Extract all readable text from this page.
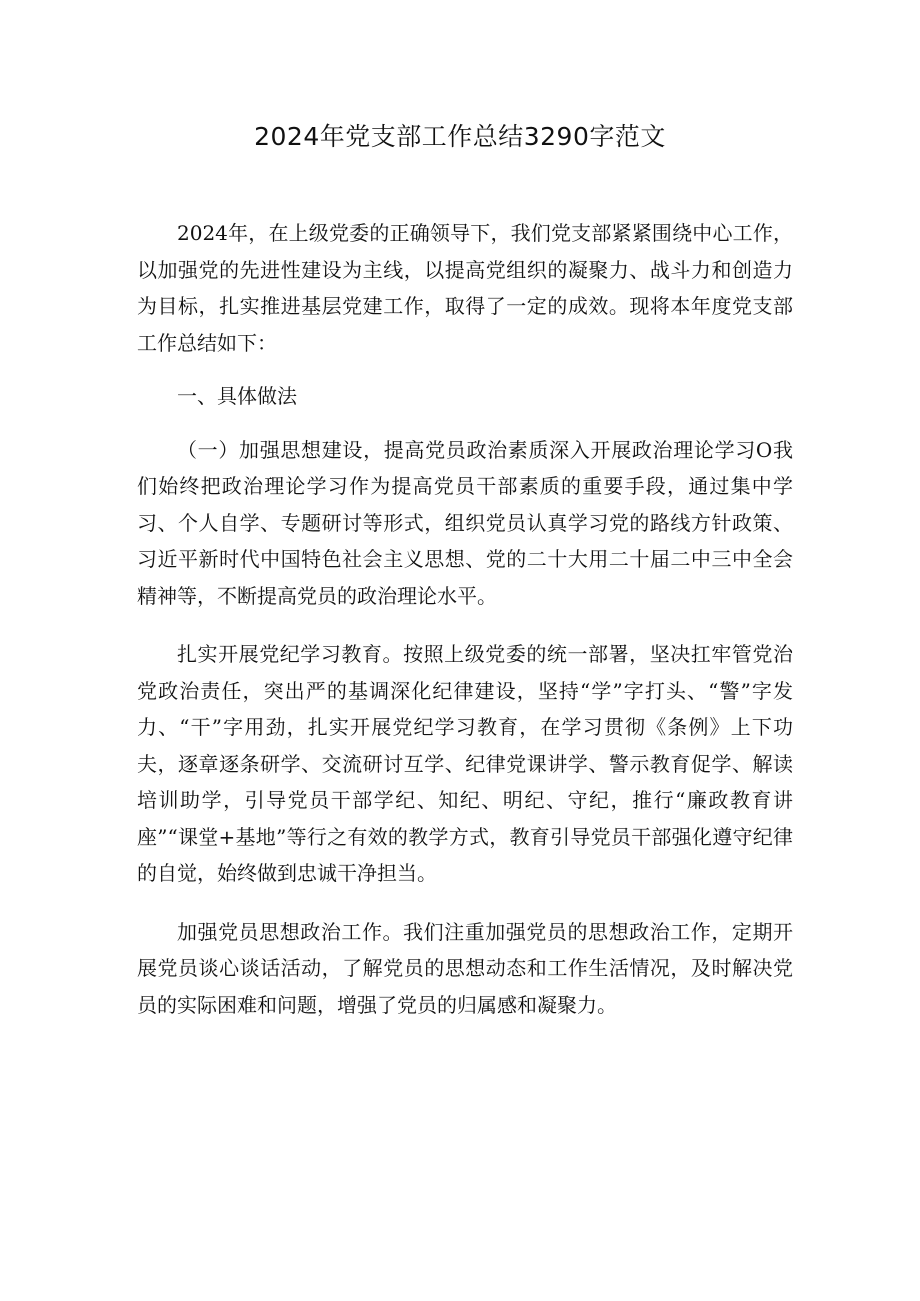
2024年党支部工作总结3290字范文

2024年，在上级党委的正确领导下，我们党支部紧紧围绕中心工作，以加强党的先进性建设为主线，以提高党组织的凝聚力、战斗力和创造力为目标，扎实推进基层党建工作，取得了一定的成效。现将本年度党支部工作总结如下：

一、具体做法

（一）加强思想建设，提高党员政治素质深入开展政治理论学习O我们始终把政治理论学习作为提高党员干部素质的重要手段，通过集中学习、个人自学、专题研讨等形式，组织党员认真学习党的路线方针政策、习近平新时代中国特色社会主义思想、党的二十大用二十届二中三中全会精神等，不断提高党员的政治理论水平。

扎实开展党纪学习教育。按照上级党委的统一部署，坚决扛牢管党治党政治责任，突出严的基调深化纪律建设，坚持“学”字打头、“警”字发力、“干”字用劲，扎实开展党纪学习教育，在学习贯彻《条例》上下功夫，逐章逐条研学、交流研讨互学、纪律党课讲学、警示教育促学、解读培训助学，引导党员干部学纪、知纪、明纪、守纪，推行“廉政教育讲座”“课堂+基地”等行之有效的教学方式，教育引导党员干部强化遵守纪律的自觉，始终做到忠诚干净担当。

加强党员思想政治工作。我们注重加强党员的思想政治工作，定期开展党员谈心谈话活动，了解党员的思想动态和工作生活情况，及时解决党员的实际困难和问题，增强了党员的归属感和凝聚力。
